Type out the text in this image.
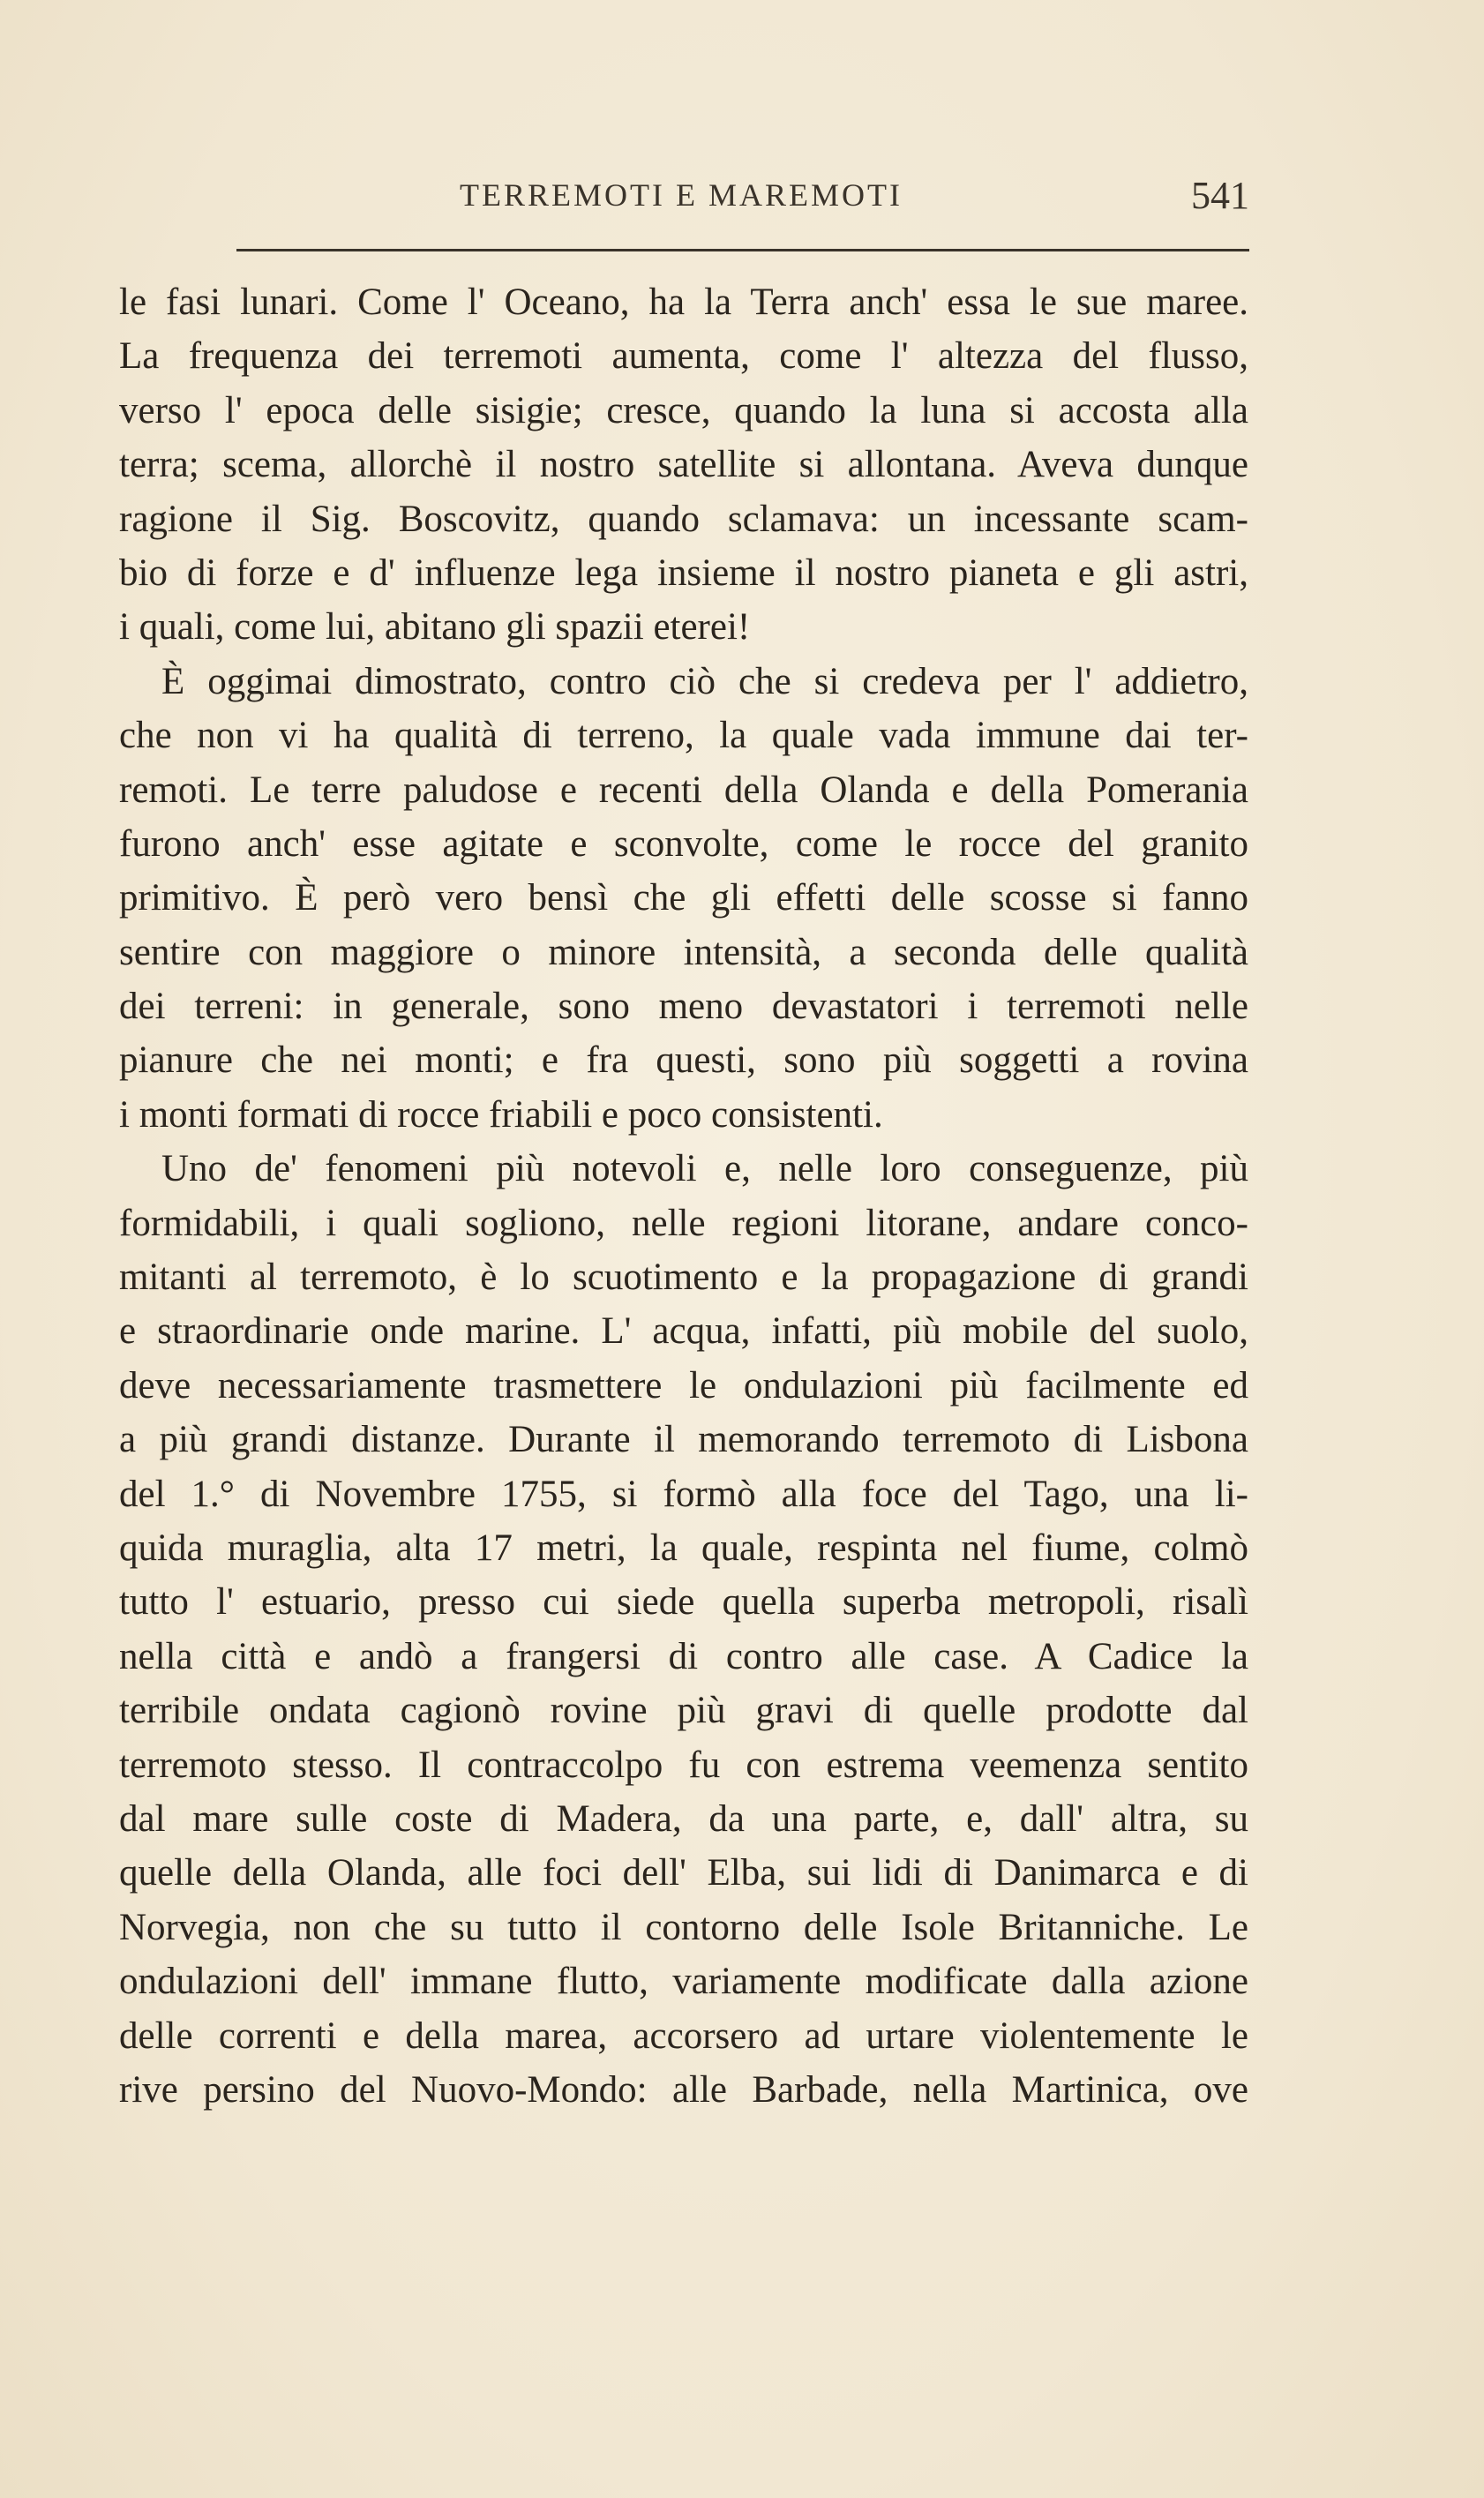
TERREMOTI E MAREMOTI	541
le fasi lunari. Come l' Oceano, ha la Terra anch' essa le sue maree.
La frequenza dei terremoti aumenta, come l' altezza del flusso,
verso l' epoca delle sisigie; cresce, quando la luna si accosta alla
terra; scema, allorchè il nostro satellite si allontana. Aveva dunque
ragione il Sig. Boscovitz, quando sclamava: un incessante scam-
bio di forze e d' influenze lega insieme il nostro pianeta e gli astri,
i quali, come lui, abitano gli spazii eterei!
È oggimai dimostrato, contro ciò che si credeva per l' addietro,
che non vi ha qualità di terreno, la quale vada immune dai ter-
remoti. Le terre paludose e recenti della Olanda e della Pomerania
furono anch' esse agitate e sconvolte, come le rocce del granito
primitivo. È però vero bensì che gli effetti delle scosse si fanno
sentire con maggiore o minore intensità, a seconda delle qualità
dei terreni: in generale, sono meno devastatori i terremoti nelle
pianure che nei monti; e fra questi, sono più soggetti a rovina
i monti formati di rocce friabili e poco consistenti.
Uno de' fenomeni più notevoli e, nelle loro conseguenze, più
formidabili, i quali sogliono, nelle regioni litorane, andare conco-
mitanti al terremoto, è lo scuotimento e la propagazione di grandi
e straordinarie onde marine. L' acqua, infatti, più mobile del suolo,
deve necessariamente trasmettere le ondulazioni più facilmente ed
a più grandi distanze. Durante il memorando terremoto di Lisbona
del 1.° di Novembre 1755, si formò alla foce del Tago, una li-
quida muraglia, alta 17 metri, la quale, respinta nel fiume, colmò
tutto l' estuario, presso cui siede quella superba metropoli, risalì
nella città e andò a frangersi di contro alle case. A Cadice la
terribile ondata cagionò rovine più gravi di quelle prodotte dal
terremoto stesso. Il contraccolpo fu con estrema veemenza sentito
dal mare sulle coste di Madera, da una parte, e, dall' altra, su
quelle della Olanda, alle foci dell' Elba, sui lidi di Danimarca e di
Norvegia, non che su tutto il contorno delle Isole Britanniche. Le
ondulazioni dell' immane flutto, variamente modificate dalla azione
delle correnti e della marea, accorsero ad urtare violentemente le
rive persino del Nuovo-Mondo: alle Barbade, nella Martinica, ove
